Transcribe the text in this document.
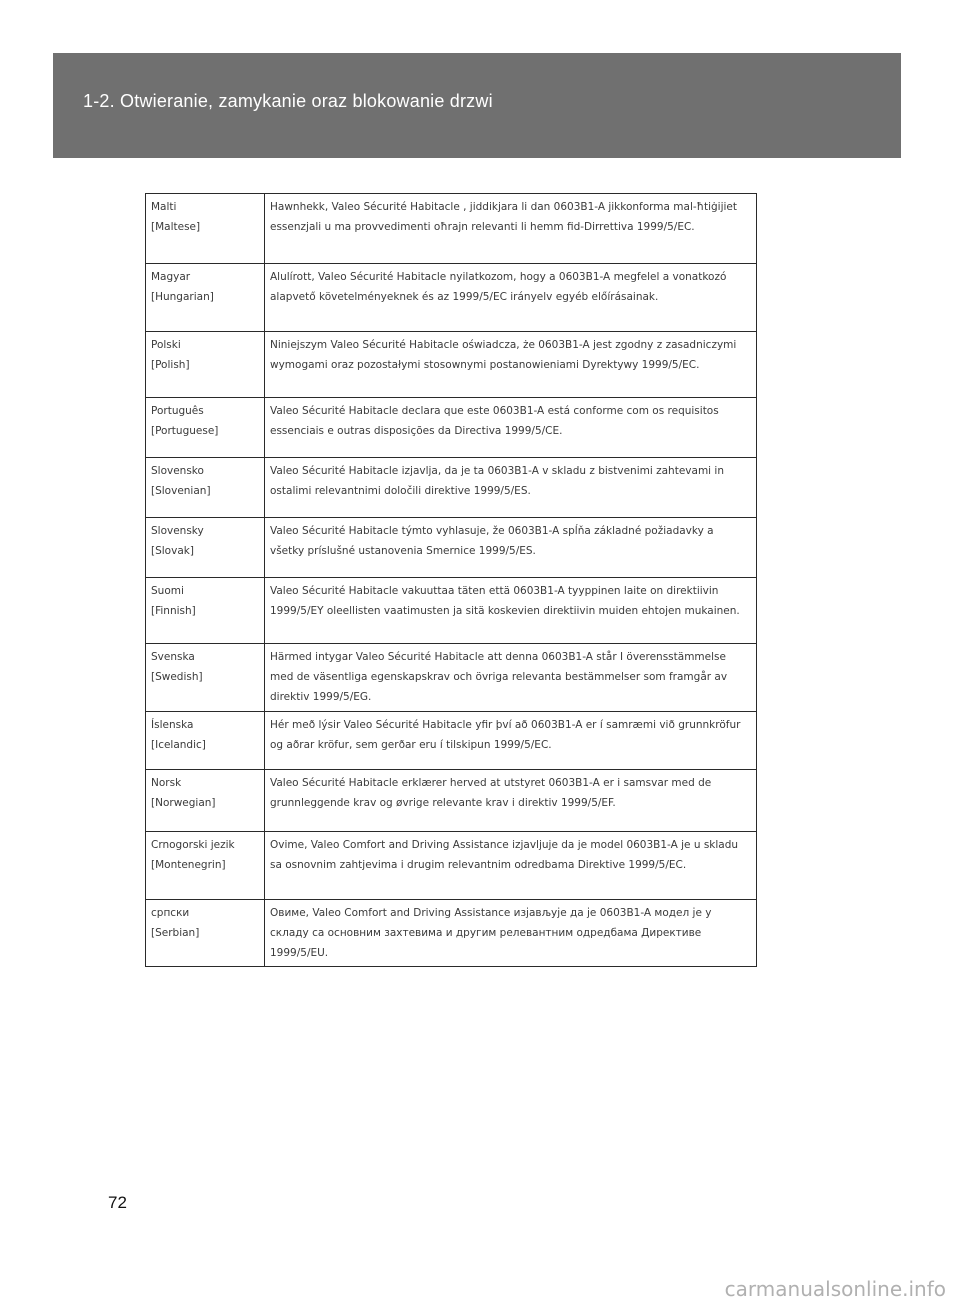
1-2. Otwieranie, zamykanie oraz blokowanie drzwi
Malti
[Maltese]	Hawnhekk, Valeo Sécurité Habitacle , jiddikjara li dan 0603B1-A jikkonforma mal-ħtiġijiet essenzjali u ma provvedimenti oħrajn relevanti li hemm fid-Dirrettiva 1999/5/EC.

Magyar
[Hungarian]	Alulírott, Valeo Sécurité Habitacle nyilatkozom, hogy a 0603B1-A megfelel a vonatkozó alapvető követelményeknek és az 1999/5/EC irányelv egyéb előírásainak.

Polski
[Polish]	Niniejszym Valeo Sécurité Habitacle oświadcza, że 0603B1-A jest zgodny z zasadniczymi wymogami oraz pozostałymi stosownymi postanowieniami Dyrektywy 1999/5/EC.

Português
[Portuguese]	Valeo Sécurité Habitacle declara que este 0603B1-A está conforme com os requisitos essenciais e outras disposições da Directiva 1999/5/CE.

Slovensko
[Slovenian]	Valeo Sécurité Habitacle izjavlja, da je ta 0603B1-A v skladu z bistvenimi zahtevami in ostalimi relevantnimi določili direktive 1999/5/ES.

Slovensky
[Slovak]	Valeo Sécurité Habitacle týmto vyhlasuje, že 0603B1-A spĺňa základné požiadavky a všetky príslušné ustanovenia Smernice 1999/5/ES.

Suomi
[Finnish]	Valeo Sécurité Habitacle vakuuttaa täten että 0603B1-A tyyppinen laite on direktiivin 1999/5/EY oleellisten vaatimusten ja sitä koskevien direktiivin muiden ehtojen mukainen.

Svenska
[Swedish]	Härmed intygar Valeo Sécurité Habitacle att denna 0603B1-A står I överensstämmelse med de väsentliga egenskapskrav och övriga relevanta bestämmelser som framgår av direktiv 1999/5/EG.

Íslenska
[Icelandic]	Hér með lýsir Valeo Sécurité Habitacle yfir því að 0603B1-A er í samræmi við grunnkröfur og aðrar kröfur, sem gerðar eru í tilskipun 1999/5/EC.

Norsk
[Norwegian]	Valeo Sécurité Habitacle erklærer herved at utstyret 0603B1-A er i samsvar med de grunnleggende krav og øvrige relevante krav i direktiv 1999/5/EF.

Crnogorski jezik
[Montenegrin]	Ovime, Valeo Comfort and Driving Assistance izjavljuje da je model 0603B1-A je u skladu sa osnovnim zahtjevima i drugim relevantnim odredbama Direktive 1999/5/EC.

српски
[Serbian]	Овиме, Valeo Comfort and Driving Assistance изјављује да је 0603B1-A модел је у складу са основним захтевима и другим релевантним одредбама Директиве 1999/5/EU.
72
carmanualsonline.info
